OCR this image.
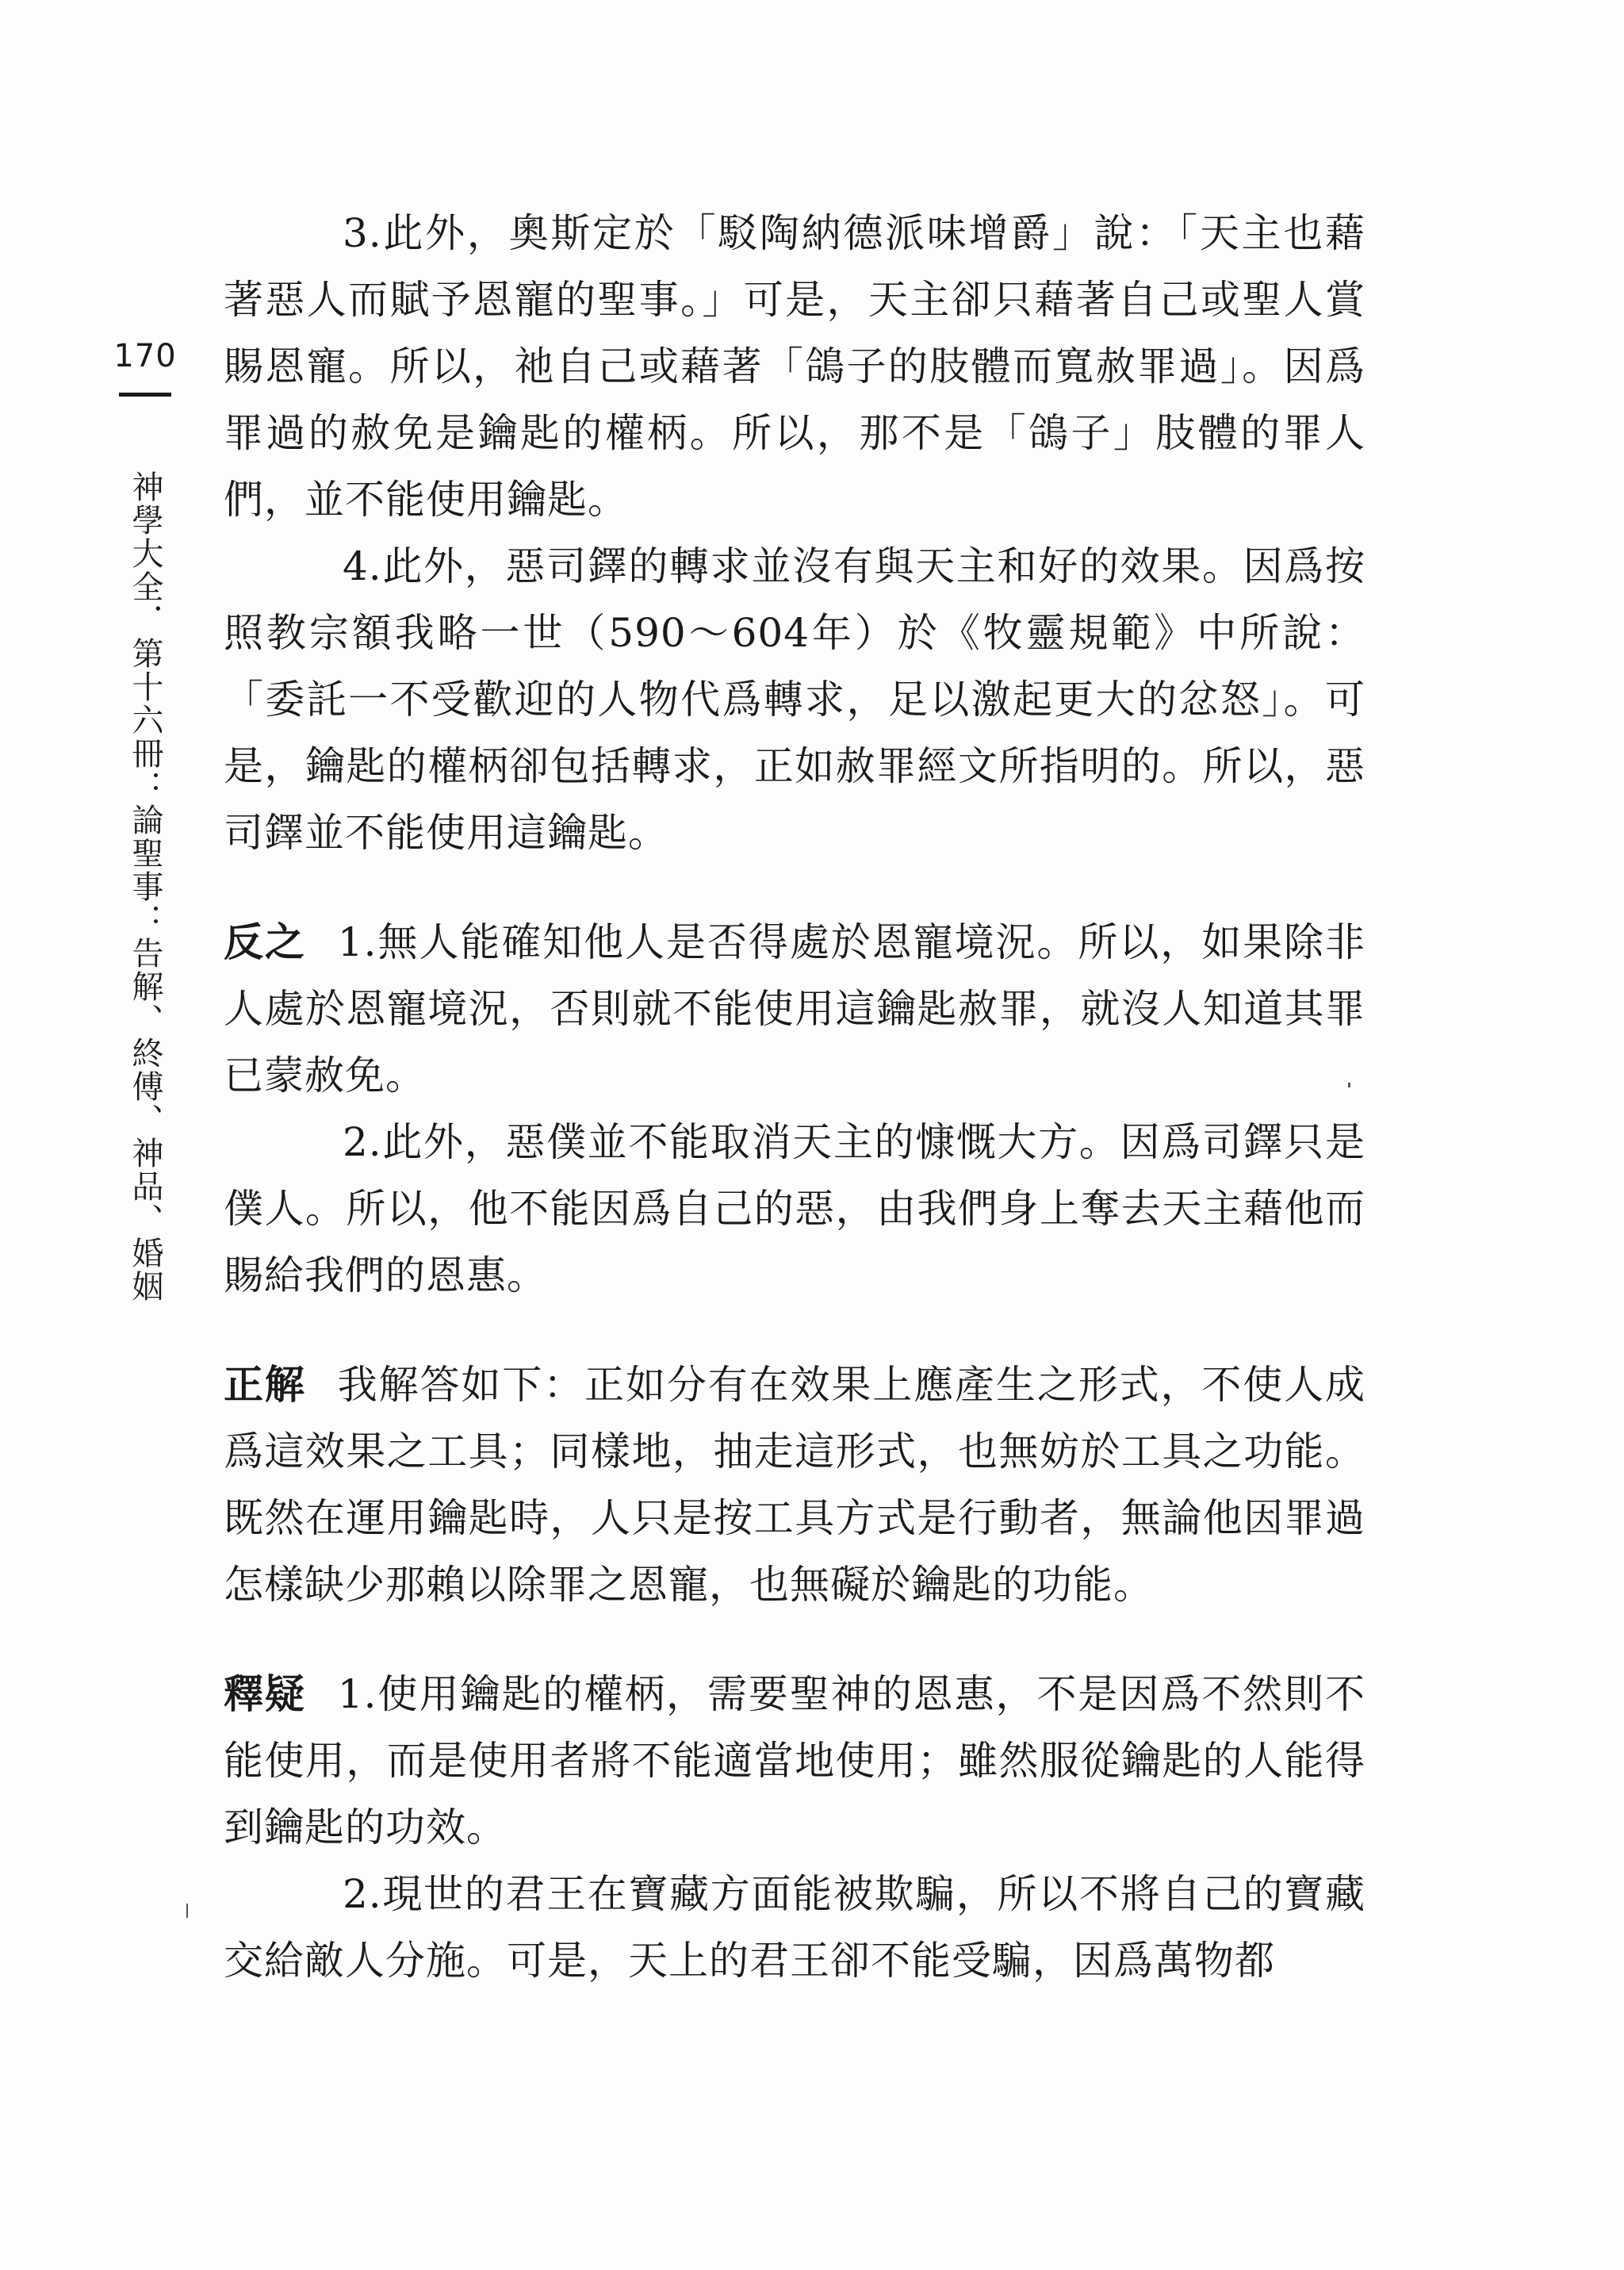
170
神學大全．第十六冊：論聖事：告解、終傅、神品、婚姻

3.此外，奧斯定於「駁陶納德派味增爵」說：「天主也藉著惡人而賦予恩寵的聖事。」可是，天主卻只藉著自己或聖人賞賜恩寵。所以，祂自己或藉著「鴿子的肢體而寬赦罪過」。因爲罪過的赦免是鑰匙的權柄。所以，那不是「鴿子」肢體的罪人們，並不能使用鑰匙。

4.此外，惡司鐸的轉求並沒有與天主和好的效果。因爲按照教宗額我略一世（590～604年）於《牧靈規範》中所說：「委託一不受歡迎的人物代爲轉求，足以激起更大的忿怒」。可是，鑰匙的權柄卻包括轉求，正如赦罪經文所指明的。所以，惡司鐸並不能使用這鑰匙。

反之 1.無人能確知他人是否得處於恩寵境況。所以，如果除非人處於恩寵境況，否則就不能使用這鑰匙赦罪，就沒人知道其罪已蒙赦免。

2.此外，惡僕並不能取消天主的慷慨大方。因爲司鐸只是僕人。所以，他不能因爲自己的惡，由我們身上奪去天主藉他而賜給我們的恩惠。

正解 我解答如下：正如分有在效果上應產生之形式，不使人成爲這效果之工具；同樣地，抽走這形式，也無妨於工具之功能。既然在運用鑰匙時，人只是按工具方式是行動者，無論他因罪過怎樣缺少那賴以除罪之恩寵，也無礙於鑰匙的功能。

釋疑 1.使用鑰匙的權柄，需要聖神的恩惠，不是因爲不然則不能使用，而是使用者將不能適當地使用；雖然服從鑰匙的人能得到鑰匙的功效。

2.現世的君王在寶藏方面能被欺騙，所以不將自己的寶藏交給敵人分施。可是，天上的君王卻不能受騙，因爲萬物都
